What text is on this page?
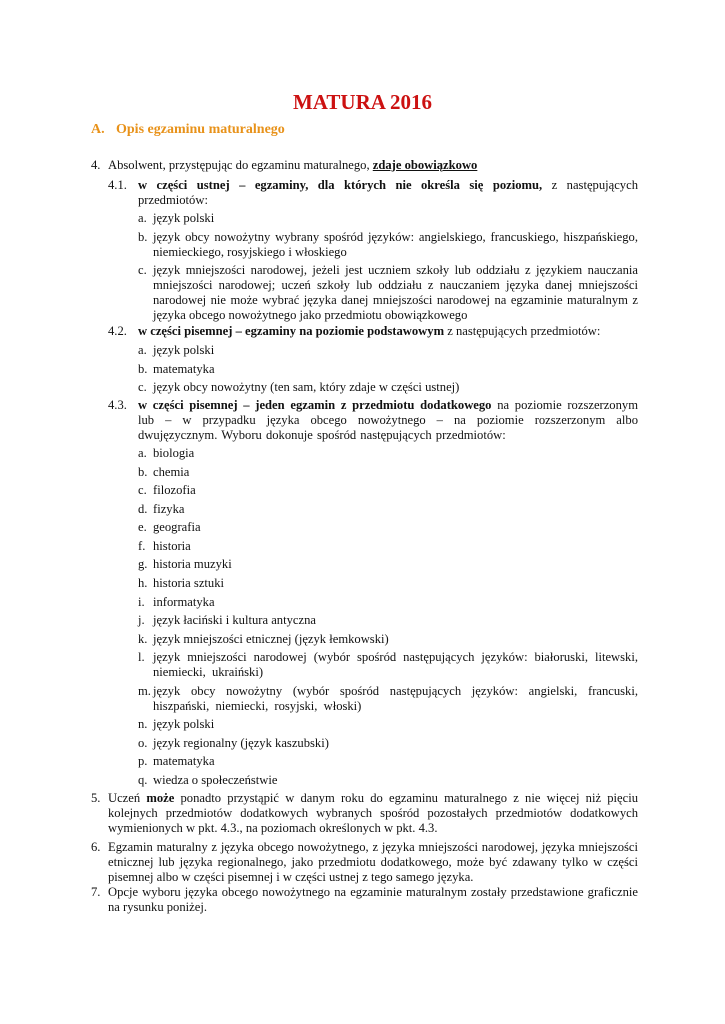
MATURA 2016
A. Opis egzaminu maturalnego
4. Absolwent, przystępując do egzaminu maturalnego, zdaje obowiązkowo
4.1. w części ustnej – egzaminy, dla których nie określa się poziomu, z następujących przedmiotów:
a. język polski
b. język obcy nowożytny wybrany spośród języków: angielskiego, francuskiego, hiszpańskiego, niemieckiego, rosyjskiego i włoskiego
c. język mniejszości narodowej, jeżeli jest uczniem szkoły lub oddziału z językiem nauczania mniejszości narodowej; uczeń szkoły lub oddziału z nauczaniem języka danej mniejszości narodowej nie może wybrać języka danej mniejszości narodowej na egzaminie maturalnym z języka obcego nowożytnego jako przedmiotu obowiązkowego
4.2. w części pisemnej – egzaminy na poziomie podstawowym z następujących przedmiotów:
a. język polski
b. matematyka
c. język obcy nowożytny (ten sam, który zdaje w części ustnej)
4.3. w części pisemnej – jeden egzamin z przedmiotu dodatkowego na poziomie rozszerzonym lub – w przypadku języka obcego nowożytnego – na poziomie rozszerzonym albo dwujęzycznym. Wyboru dokonuje spośród następujących przedmiotów:
a. biologia
b. chemia
c. filozofia
d. fizyka
e. geografia
f. historia
g. historia muzyki
h. historia sztuki
i. informatyka
j. język łaciński i kultura antyczna
k. język mniejszości etnicznej (język łemkowski)
l. język mniejszości narodowej (wybór spośród następujących języków: białoruski, litewski, niemiecki, ukraiński)
m. język obcy nowożytny (wybór spośród następujących języków: angielski, francuski, hiszpański, niemiecki, rosyjski, włoski)
n. język polski
o. język regionalny (język kaszubski)
p. matematyka
q. wiedza o społeczeństwie
5. Uczeń może ponadto przystąpić w danym roku do egzaminu maturalnego z nie więcej niż pięciu kolejnych przedmiotów dodatkowych wybranych spośród pozostałych przedmiotów dodatkowych wymienionych w pkt. 4.3., na poziomach określonych w pkt. 4.3.
6. Egzamin maturalny z języka obcego nowożytnego, z języka mniejszości narodowej, języka mniejszości etnicznej lub języka regionalnego, jako przedmiotu dodatkowego, może być zdawany tylko w części pisemnej albo w części pisemnej i w części ustnej z tego samego języka.
7. Opcje wyboru języka obcego nowożytnego na egzaminie maturalnym zostały przedstawione graficznie na rysunku poniżej.
